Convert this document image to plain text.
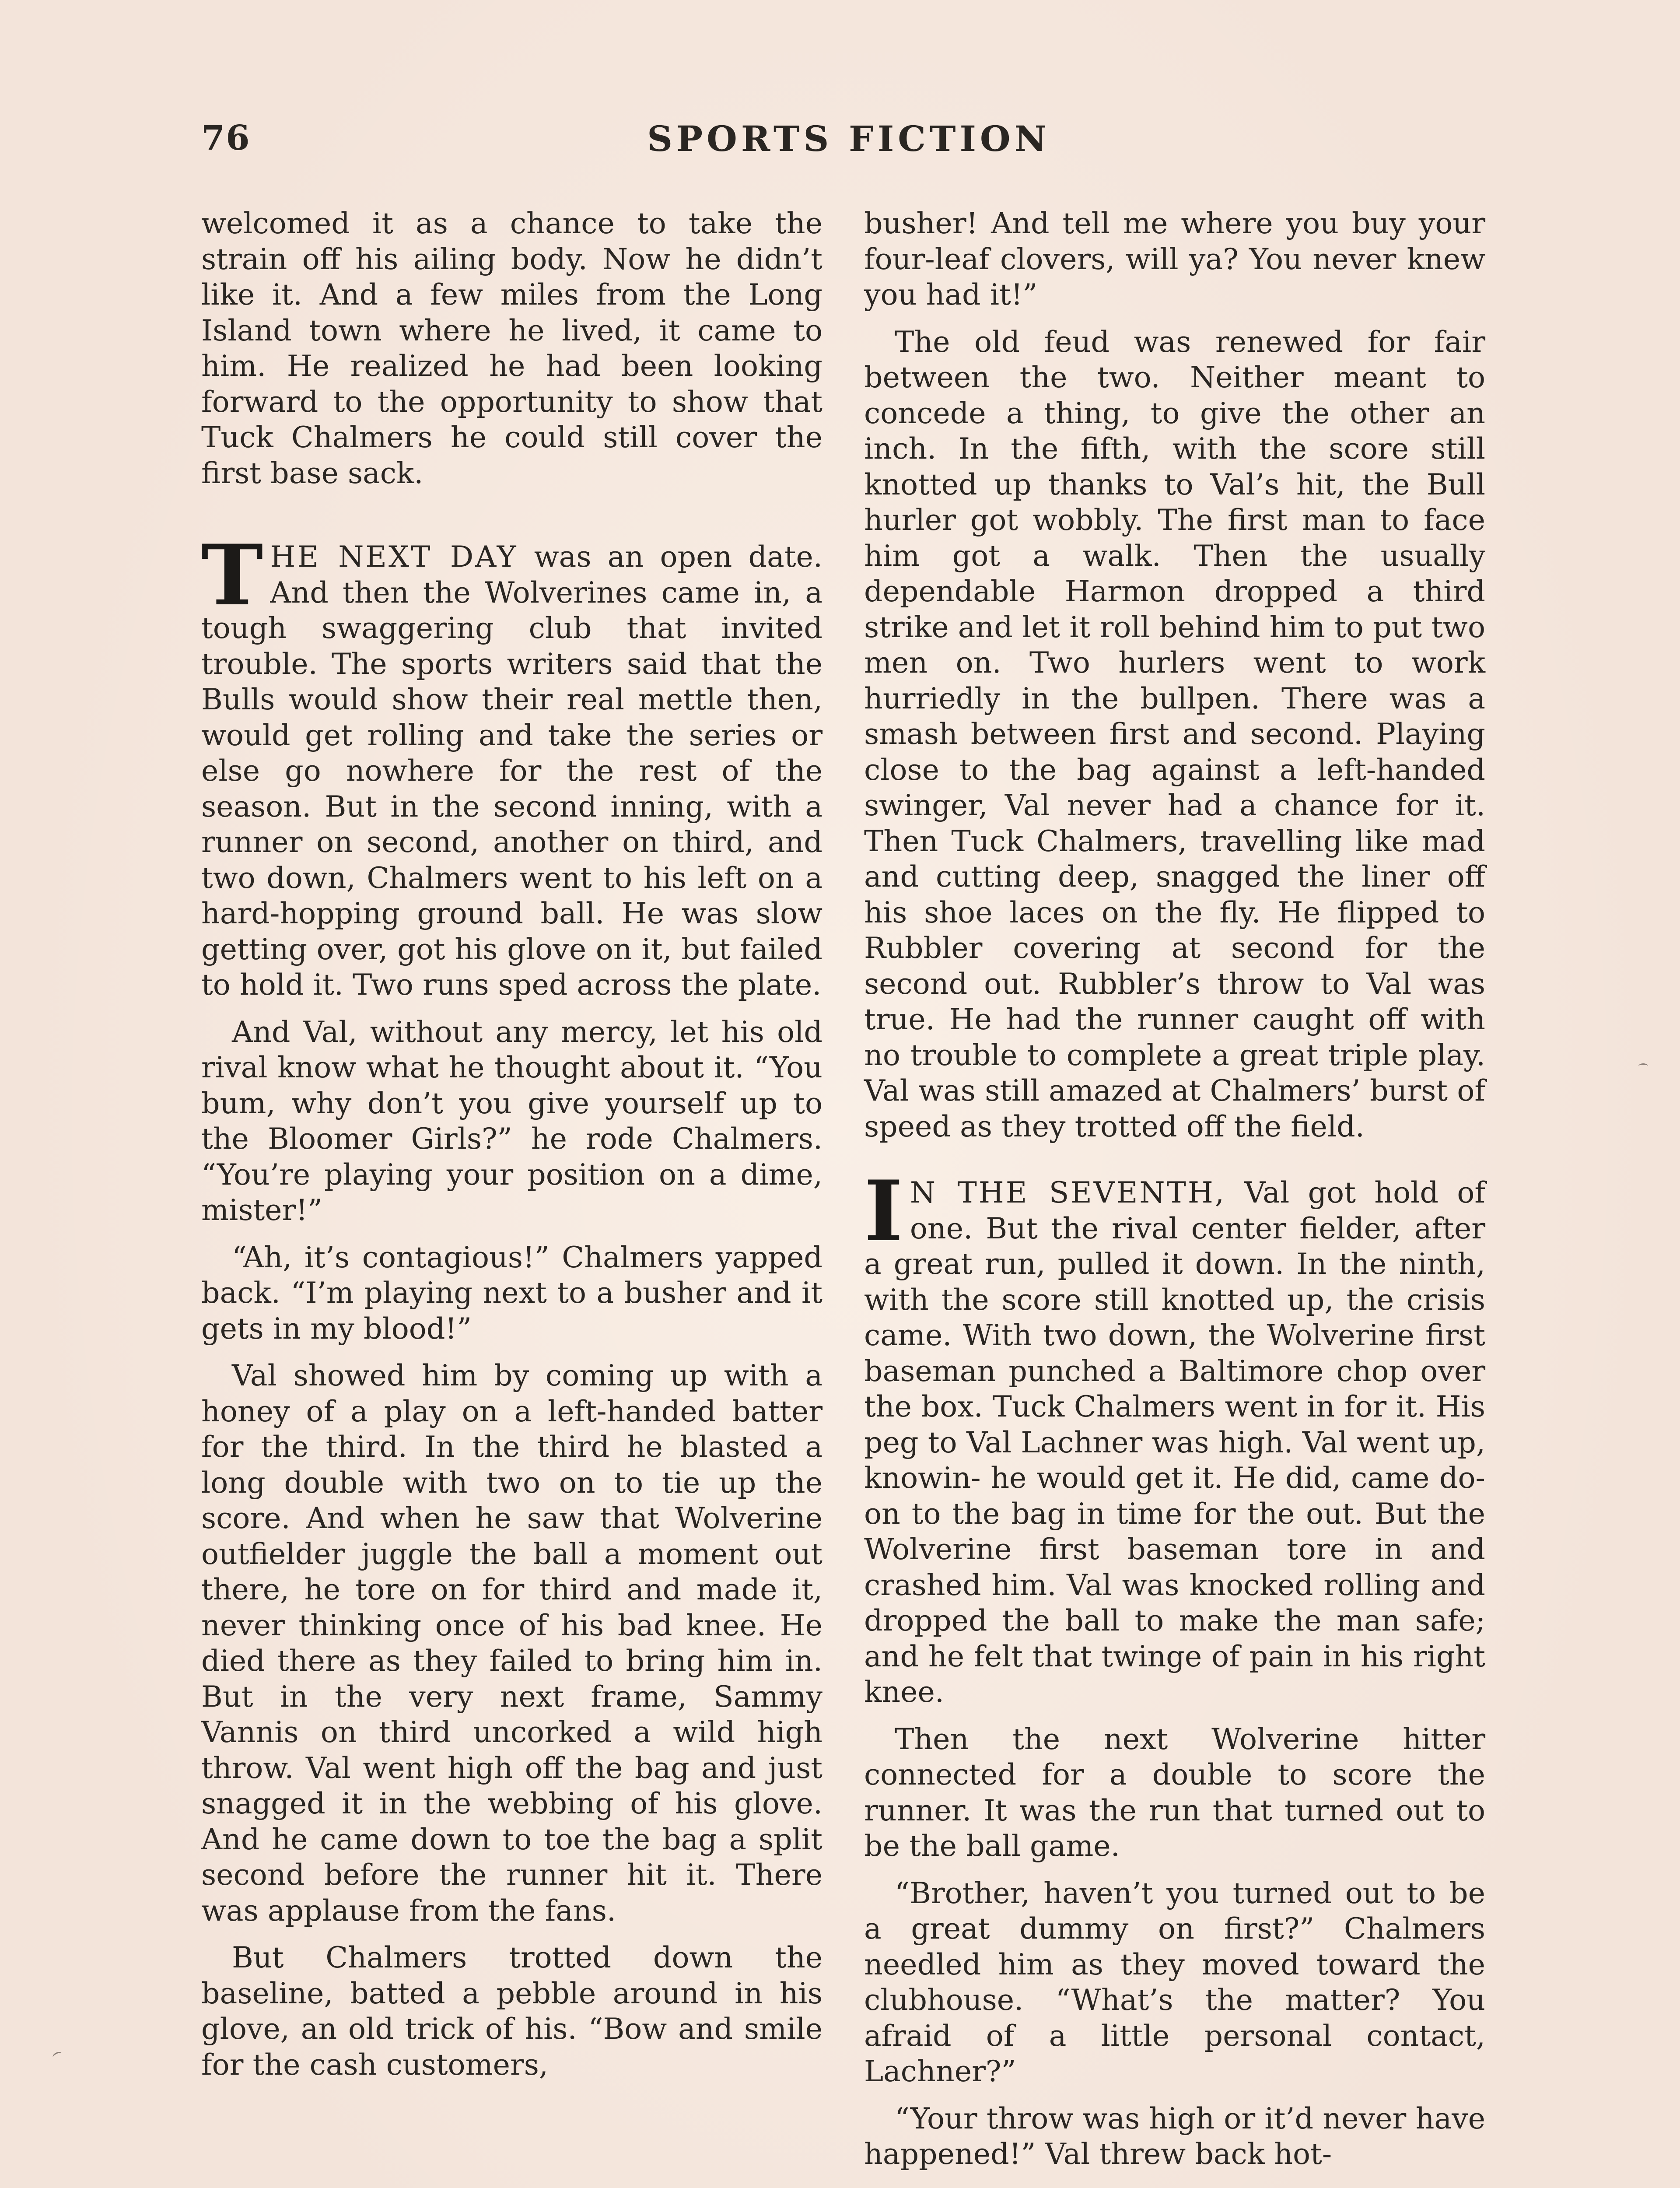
76	SPORTS FICTION

welcomed it as a chance to take the strain off his ailing body. Now he didn’t like it. And a few miles from the Long Island town where he lived, it came to him. He realized he had been looking forward to the opportunity to show that Tuck Chalmers he could still cover the first base sack.

THE NEXT DAY was an open date. And then the Wolverines came in, a tough swaggering club that invited trouble. The sports writers said that the Bulls would show their real mettle then, would get rolling and take the series or else go nowhere for the rest of the season. But in the second inning, with a runner on second, another on third, and two down, Chalmers went to his left on a hard-hopping ground ball. He was slow getting over, got his glove on it, but failed to hold it. Two runs sped across the plate.

And Val, without any mercy, let his old rival know what he thought about it. “You bum, why don’t you give yourself up to the Bloomer Girls?” he rode Chalmers. “You’re playing your position on a dime, mister!”

“Ah, it’s contagious!” Chalmers yapped back. “I’m playing next to a busher and it gets in my blood!”

Val showed him by coming up with a honey of a play on a left-handed batter for the third. In the third he blasted a long double with two on to tie up the score. And when he saw that Wolverine outfielder juggle the ball a moment out there, he tore on for third and made it, never thinking once of his bad knee. He died there as they failed to bring him in. But in the very next frame, Sammy Vannis on third uncorked a wild high throw. Val went high off the bag and just snagged it in the webbing of his glove. And he came down to toe the bag a split second before the runner hit it. There was applause from the fans.

But Chalmers trotted down the baseline, batted a pebble around in his glove, an old trick of his. “Bow and smile for the cash customers,

busher! And tell me where you buy your four-leaf clovers, will ya? You never knew you had it!”

The old feud was renewed for fair between the two. Neither meant to concede a thing, to give the other an inch. In the fifth, with the score still knotted up thanks to Val’s hit, the Bull hurler got wobbly. The first man to face him got a walk. Then the usually dependable Harmon dropped a third strike and let it roll behind him to put two men on. Two hurlers went to work hurriedly in the bullpen. There was a smash between first and second. Playing close to the bag against a left-handed swinger, Val never had a chance for it. Then Tuck Chalmers, travelling like mad and cutting deep, snagged the liner off his shoe laces on the fly. He flipped to Rubbler covering at second for the second out. Rubbler’s throw to Val was true. He had the runner caught off with no trouble to complete a great triple play. Val was still amazed at Chalmers’ burst of speed as they trotted off the field.

I N THE SEVENTH, Val got hold of one. But the rival center fielder, after a great run, pulled it down. In the ninth, with the score still knotted up, the crisis came. With two down, the Wolverine first baseman punched a Baltimore chop over the box. Tuck Chalmers went in for it. His peg to Val Lachner was high. Val went up, knowin‑ he would get it. He did, came do‑ on to the bag in time for the out. But the Wolverine first baseman tore in and crashed him. Val was knocked rolling and dropped the ball to make the man safe; and he felt that twinge of pain in his right knee.

Then the next Wolverine hitter connected for a double to score the runner. It was the run that turned out to be the ball game.

“Brother, haven’t you turned out to be a great dummy on first?” Chalmers needled him as they moved toward the clubhouse. “What’s the matter? You afraid of a little personal contact, Lachner?”

“Your throw was high or it’d never have happened!” Val threw back hot-
